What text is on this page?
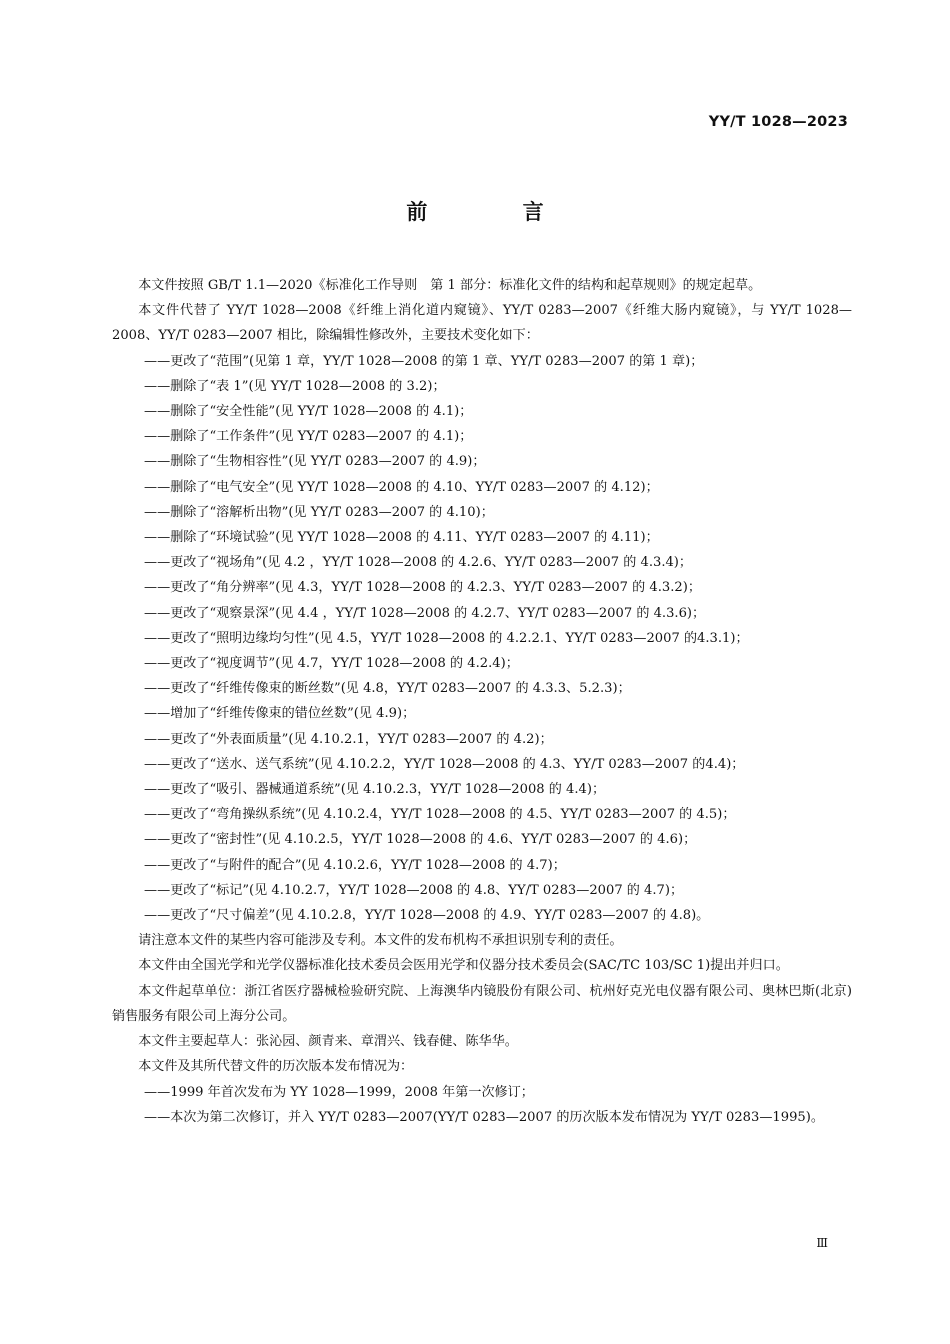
YY/T 1028—2023
前 言

本文件按照 GB/T 1.1—2020《标准化工作导则　第 1 部分：标准化文件的结构和起草规则》的规定起草。

本文件代替了 YY/T 1028—2008《纤维上消化道内窥镜》、YY/T 0283—2007《纤维大肠内窥镜》，与 YY/T 1028—2008、YY/T 0283—2007 相比，除编辑性修改外，主要技术变化如下：

——更改了“范围”(见第 1 章，YY/T 1028—2008 的第 1 章、YY/T 0283—2007 的第 1 章)；
——删除了“表 1”(见 YY/T 1028—2008 的 3.2)；
——删除了“安全性能”(见 YY/T 1028—2008 的 4.1)；
——删除了“工作条件”(见 YY/T 0283—2007 的 4.1)；
——删除了“生物相容性”(见 YY/T 0283—2007 的 4.9)；
——删除了“电气安全”(见 YY/T 1028—2008 的 4.10、YY/T 0283—2007 的 4.12)；
——删除了“溶解析出物”(见 YY/T 0283—2007 的 4.10)；
——删除了“环境试验”(见 YY/T 1028—2008 的 4.11、YY/T 0283—2007 的 4.11)；
——更改了“视场角”(见 4.2 ，YY/T 1028—2008 的 4.2.6、YY/T 0283—2007 的 4.3.4)；
——更改了“角分辨率”(见 4.3，YY/T 1028—2008 的 4.2.3、YY/T 0283—2007 的 4.3.2)；
——更改了“观察景深”(见 4.4 ，YY/T 1028—2008 的 4.2.7、YY/T 0283—2007 的 4.3.6)；
——更改了“照明边缘均匀性”(见 4.5，YY/T 1028—2008 的 4.2.2.1、YY/T 0283—2007 的4.3.1)；
——更改了“视度调节”(见 4.7，YY/T 1028—2008 的 4.2.4)；
——更改了“纤维传像束的断丝数”(见 4.8，YY/T 0283—2007 的 4.3.3、5.2.3)；
——增加了“纤维传像束的错位丝数”(见 4.9)；
——更改了“外表面质量”(见 4.10.2.1，YY/T 0283—2007 的 4.2)；
——更改了“送水、送气系统”(见 4.10.2.2，YY/T 1028—2008 的 4.3、YY/T 0283—2007 的4.4)；
——更改了“吸引、器械通道系统”(见 4.10.2.3，YY/T 1028—2008 的 4.4)；
——更改了“弯角操纵系统”(见 4.10.2.4，YY/T 1028—2008 的 4.5、YY/T 0283—2007 的 4.5)；
——更改了“密封性”(见 4.10.2.5，YY/T 1028—2008 的 4.6、YY/T 0283—2007 的 4.6)；
——更改了“与附件的配合”(见 4.10.2.6，YY/T 1028—2008 的 4.7)；
——更改了“标记”(见 4.10.2.7，YY/T 1028—2008 的 4.8、YY/T 0283—2007 的 4.7)；
——更改了“尺寸偏差”(见 4.10.2.8，YY/T 1028—2008 的 4.9、YY/T 0283—2007 的 4.8)。

请注意本文件的某些内容可能涉及专利。本文件的发布机构不承担识别专利的责任。

本文件由全国光学和光学仪器标准化技术委员会医用光学和仪器分技术委员会(SAC/TC 103/SC 1)提出并归口。

本文件起草单位：浙江省医疗器械检验研究院、上海澳华内镜股份有限公司、杭州好克光电仪器有限公司、奥林巴斯(北京)销售服务有限公司上海分公司。

本文件主要起草人：张沁园、颜青来、章渭兴、钱春健、陈华华。

本文件及其所代替文件的历次版本发布情况为：

——1999 年首次发布为 YY 1028—1999，2008 年第一次修订；
——本次为第二次修订，并入 YY/T 0283—2007(YY/T 0283—2007 的历次版本发布情况为 YY/T 0283—1995)。
Ⅲ
